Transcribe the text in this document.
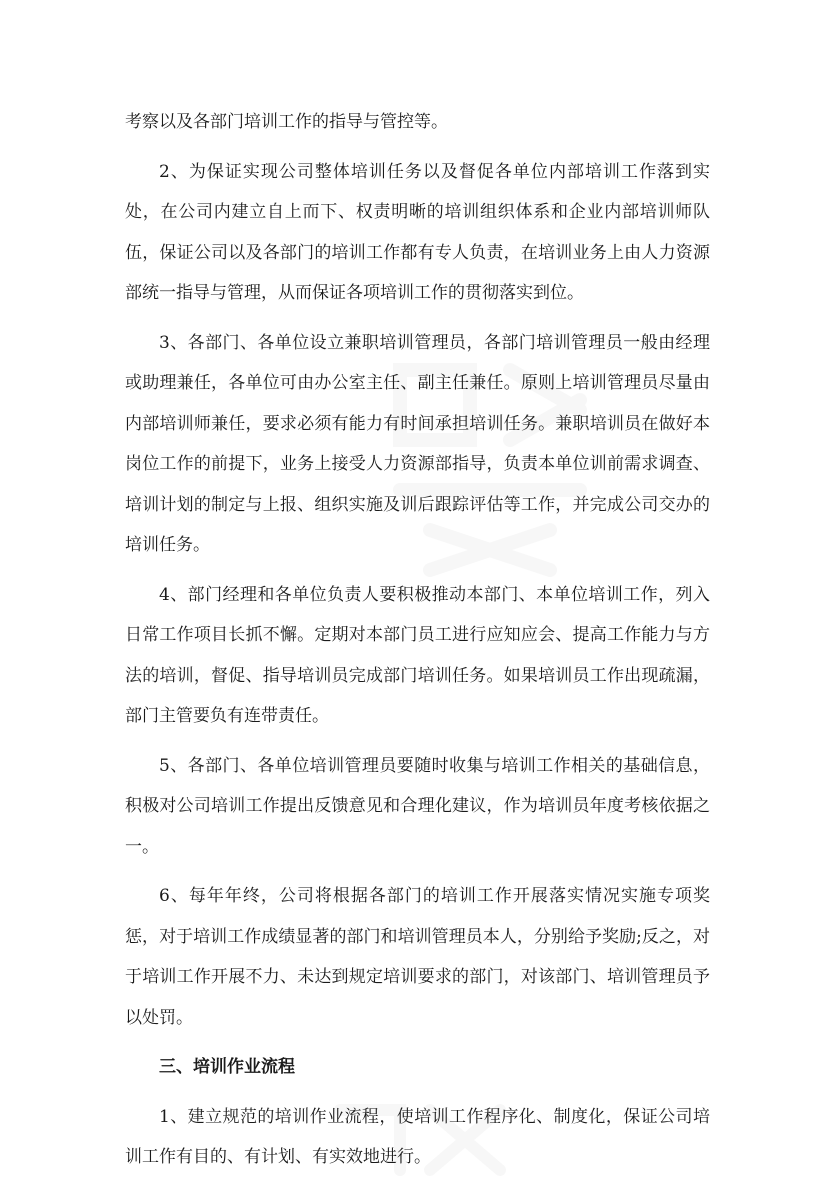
考察以及各部门培训工作的指导与管控等。

2、为保证实现公司整体培训任务以及督促各单位内部培训工作落到实处，在公司内建立自上而下、权责明晰的培训组织体系和企业内部培训师队伍，保证公司以及各部门的培训工作都有专人负责，在培训业务上由人力资源部统一指导与管理，从而保证各项培训工作的贯彻落实到位。

3、各部门、各单位设立兼职培训管理员，各部门培训管理员一般由经理或助理兼任，各单位可由办公室主任、副主任兼任。原则上培训管理员尽量由内部培训师兼任，要求必须有能力有时间承担培训任务。兼职培训员在做好本岗位工作的前提下，业务上接受人力资源部指导，负责本单位训前需求调查、培训计划的制定与上报、组织实施及训后跟踪评估等工作，并完成公司交办的培训任务。

4、部门经理和各单位负责人要积极推动本部门、本单位培训工作，列入日常工作项目长抓不懈。定期对本部门员工进行应知应会、提高工作能力与方法的培训，督促、指导培训员完成部门培训任务。如果培训员工作出现疏漏，部门主管要负有连带责任。

5、各部门、各单位培训管理员要随时收集与培训工作相关的基础信息，积极对公司培训工作提出反馈意见和合理化建议，作为培训员年度考核依据之一。

6、每年年终，公司将根据各部门的培训工作开展落实情况实施专项奖惩，对于培训工作成绩显著的部门和培训管理员本人，分别给予奖励;反之，对于培训工作开展不力、未达到规定培训要求的部门，对该部门、培训管理员予以处罚。

三、培训作业流程

1、建立规范的培训作业流程，使培训工作程序化、制度化，保证公司培训工作有目的、有计划、有实效地进行。
